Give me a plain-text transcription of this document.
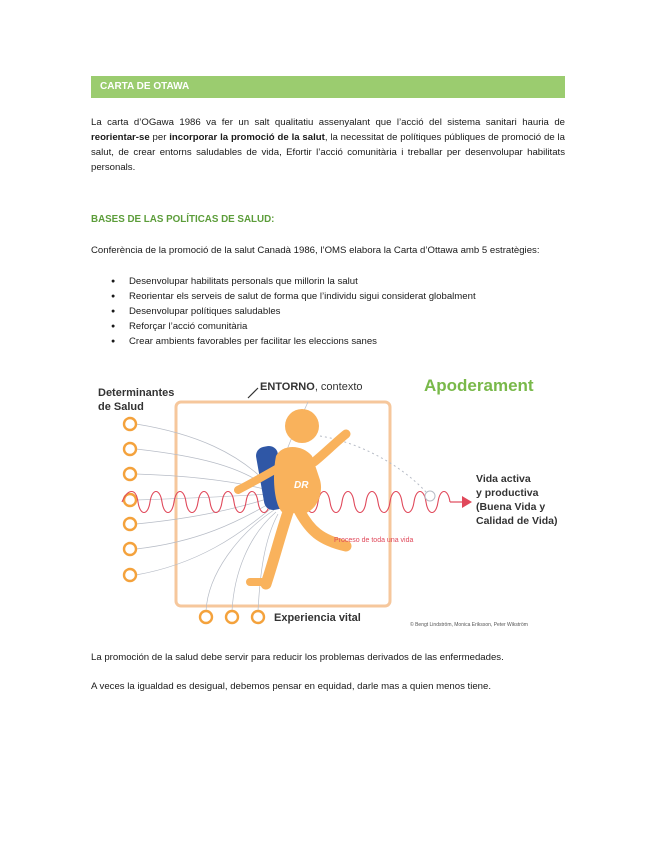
CARTA DE OTAWA

La carta d’OGawa 1986 va fer un salt qualitatiu assenyalant que l’acció del sistema sanitari hauria de reorientar-se per incorporar la promoció de la salut, la necessitat de polítiques públiques de promoció de la salut, de crear entorns saludables de vida, Efortir l’acció comunitària i treballar per desenvolupar habilitats personals.

BASES DE LAS POLÍTICAS DE SALUD:

Conferència de la promoció de la salut Canadà 1986, l’OMS elabora la Carta d’Ottawa amb 5 estratègies:

● Desenvolupar habilitats personals que millorin la salut
● Reorientar els serveis de salut de forma que l’individu sigui considerat globalment
● Desenvolupar polítiques saludables
● Reforçar l’acció comunitària
● Crear ambients favorables per facilitar les eleccions sanes
DR
Determinantes
de Salud
ENTORNO, contexto	Apoderament
Vida activa
y productiva
(Buena Vida y
Calidad de Vida)
Proceso de toda una vida
Experiencia vital
© Bengt Lindström, Monica Eriksson, Peter Wikström

La promoción de la salud debe servir para reducir los problemas derivados de las enfermedades.

A veces la igualdad es desigual, debemos pensar en equidad, darle mas a quien menos tiene.
